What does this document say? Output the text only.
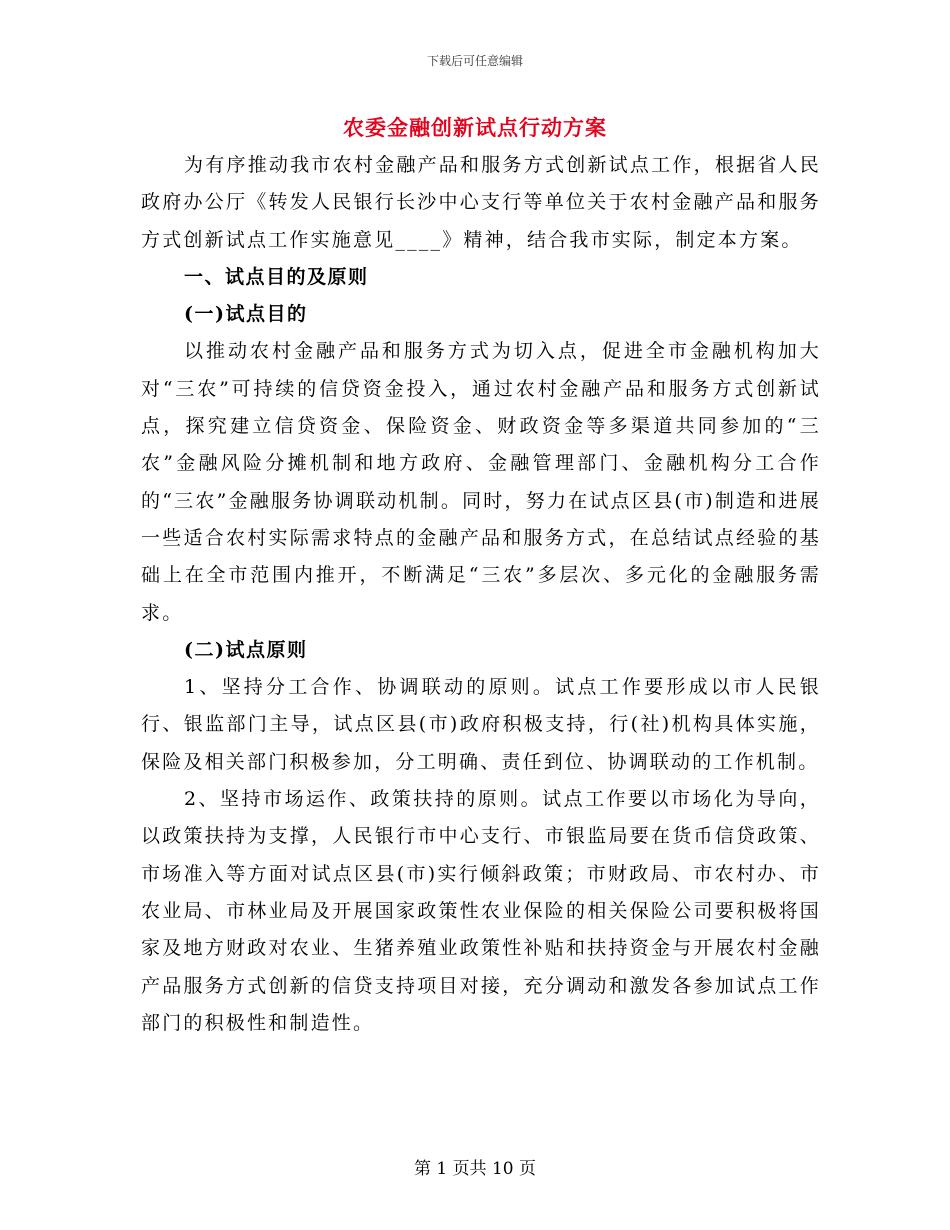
下载后可任意编辑
农委金融创新试点行动方案

为有序推动我市农村金融产品和服务方式创新试点工作，根据省人民政府办公厅《转发人民银行长沙中心支行等单位关于农村金融产品和服务方式创新试点工作实施意见____》精神，结合我市实际，制定本方案。

一、试点目的及原则

(一)试点目的

以推动农村金融产品和服务方式为切入点，促进全市金融机构加大对“三农”可持续的信贷资金投入，通过农村金融产品和服务方式创新试点，探究建立信贷资金、保险资金、财政资金等多渠道共同参加的“三农”金融风险分摊机制和地方政府、金融管理部门、金融机构分工合作的“三农”金融服务协调联动机制。同时，努力在试点区县(市)制造和进展一些适合农村实际需求特点的金融产品和服务方式，在总结试点经验的基础上在全市范围内推开，不断满足“三农”多层次、多元化的金融服务需求。

(二)试点原则

1、坚持分工合作、协调联动的原则。试点工作要形成以市人民银行、银监部门主导，试点区县(市)政府积极支持，行(社)机构具体实施，保险及相关部门积极参加，分工明确、责任到位、协调联动的工作机制。

2、坚持市场运作、政策扶持的原则。试点工作要以市场化为导向，以政策扶持为支撑，人民银行市中心支行、市银监局要在货币信贷政策、市场准入等方面对试点区县(市)实行倾斜政策；市财政局、市农村办、市农业局、市林业局及开展国家政策性农业保险的相关保险公司要积极将国家及地方财政对农业、生猪养殖业政策性补贴和扶持资金与开展农村金融产品服务方式创新的信贷支持项目对接，充分调动和激发各参加试点工作部门的积极性和制造性。

第 1 页共 10 页
